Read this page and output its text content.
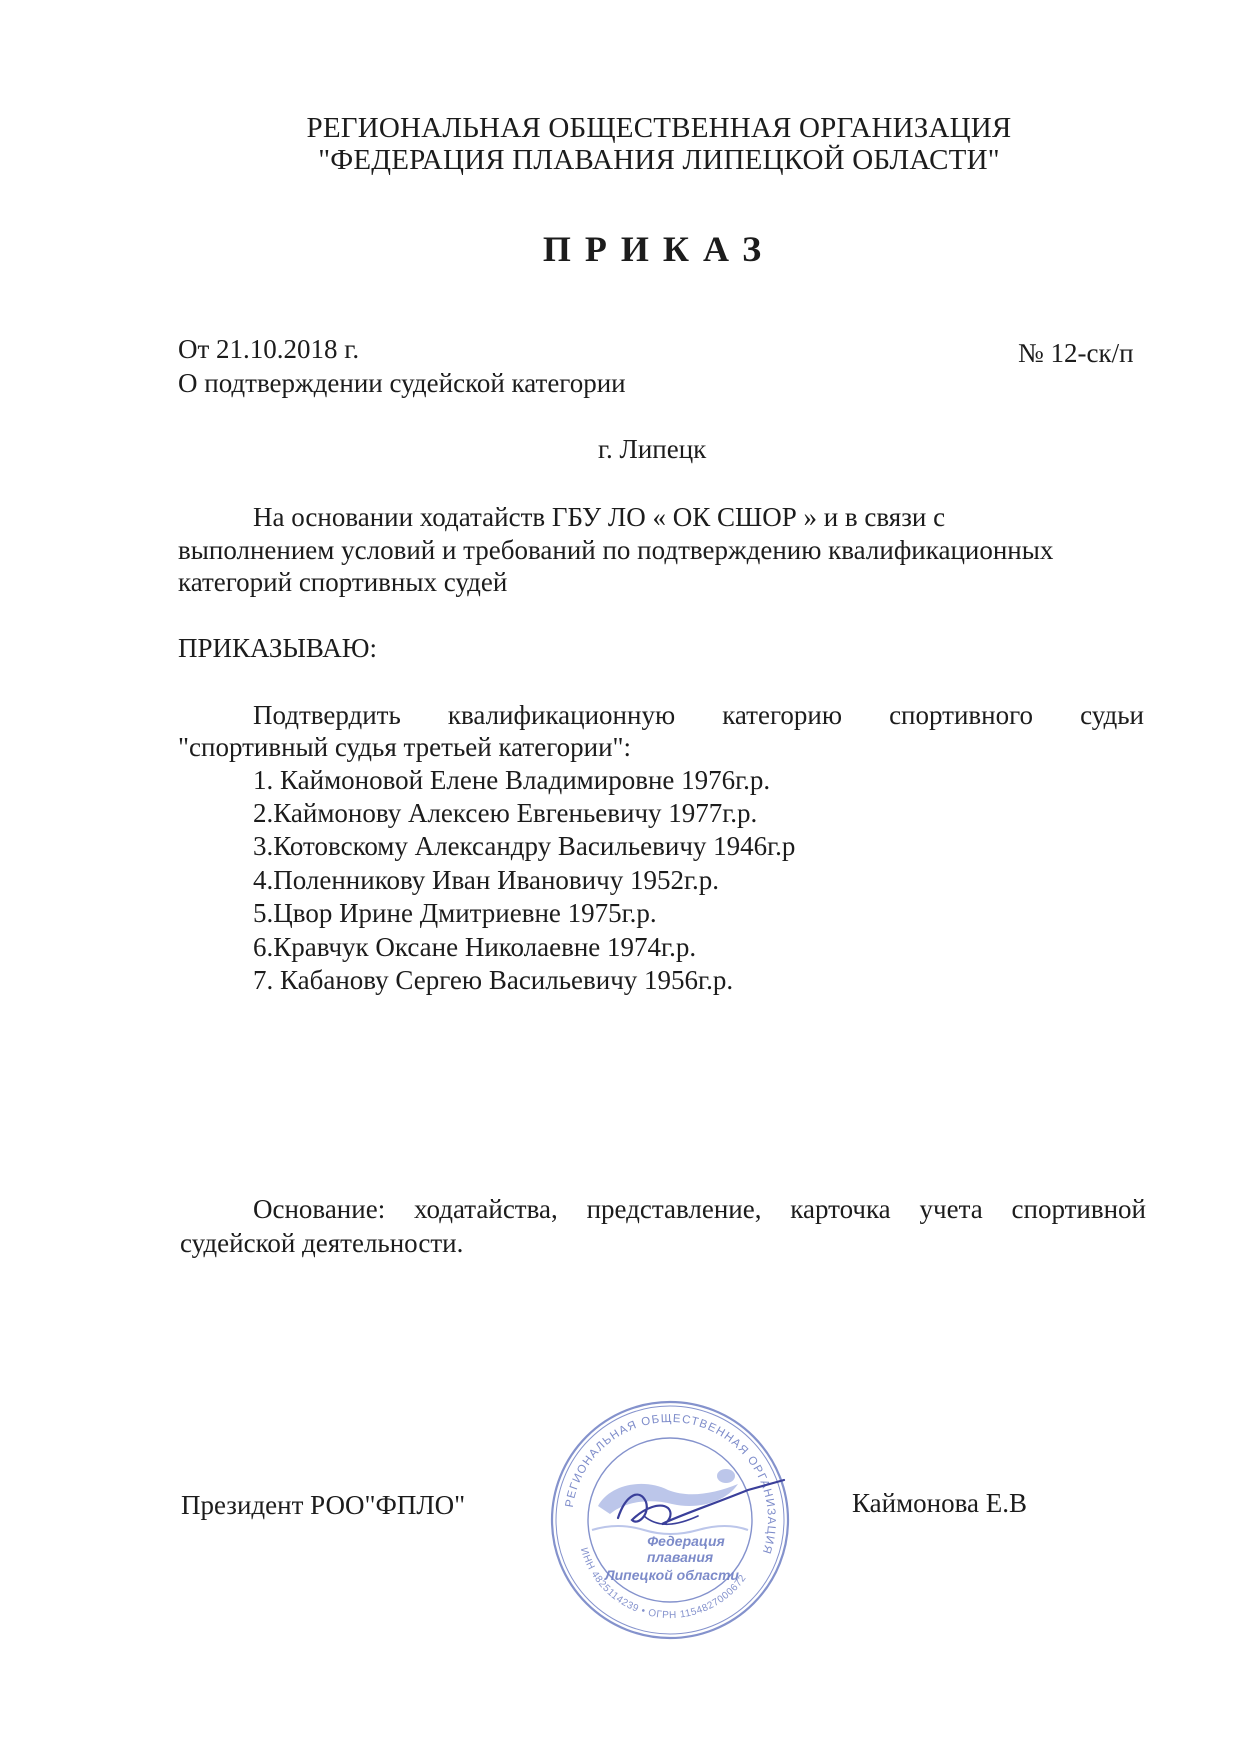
РЕГИОНАЛЬНАЯ ОБЩЕСТВЕННАЯ ОРГАНИЗАЦИЯ
"ФЕДЕРАЦИЯ ПЛАВАНИЯ ЛИПЕЦКОЙ ОБЛАСТИ"
ПРИКАЗ
От 21.10.2018 г.	№ 12-ск/п
О подтверждении судейской категории
г. Липецк
На основании ходатайств ГБУ ЛО « ОК СШОР » и в связи с
выполнением условий и требований по подтверждению квалификационных
категорий спортивных судей
ПРИКАЗЫВАЮ:
Подтвердить квалификационную категорию спортивного судьи
"спортивный судья третьей категории":
1. Каймоновой Елене Владимировне 1976г.р.
2.Каймонову Алексею Евгеньевичу 1977г.р.
3.Котовскому Александру Васильевичу 1946г.р
4.Поленникову Иван Ивановичу 1952г.р.
5.Цвор Ирине Дмитриевне 1975г.р.
6.Кравчук Оксане Николаевне 1974г.р.
7. Кабанову Сергею Васильевичу 1956г.р.
Основание: ходатайства, представление, карточка учета спортивной
судейской деятельности.
Президент РОО"ФПЛО"	Каймонова Е.В
РЕГИОНАЛЬНАЯ ОБЩЕСТВЕННАЯ ОРГАНИЗАЦИЯ
ИНН 4825114239 • ОГРН 1154827000672
Федерация
плавания
Липецкой области
